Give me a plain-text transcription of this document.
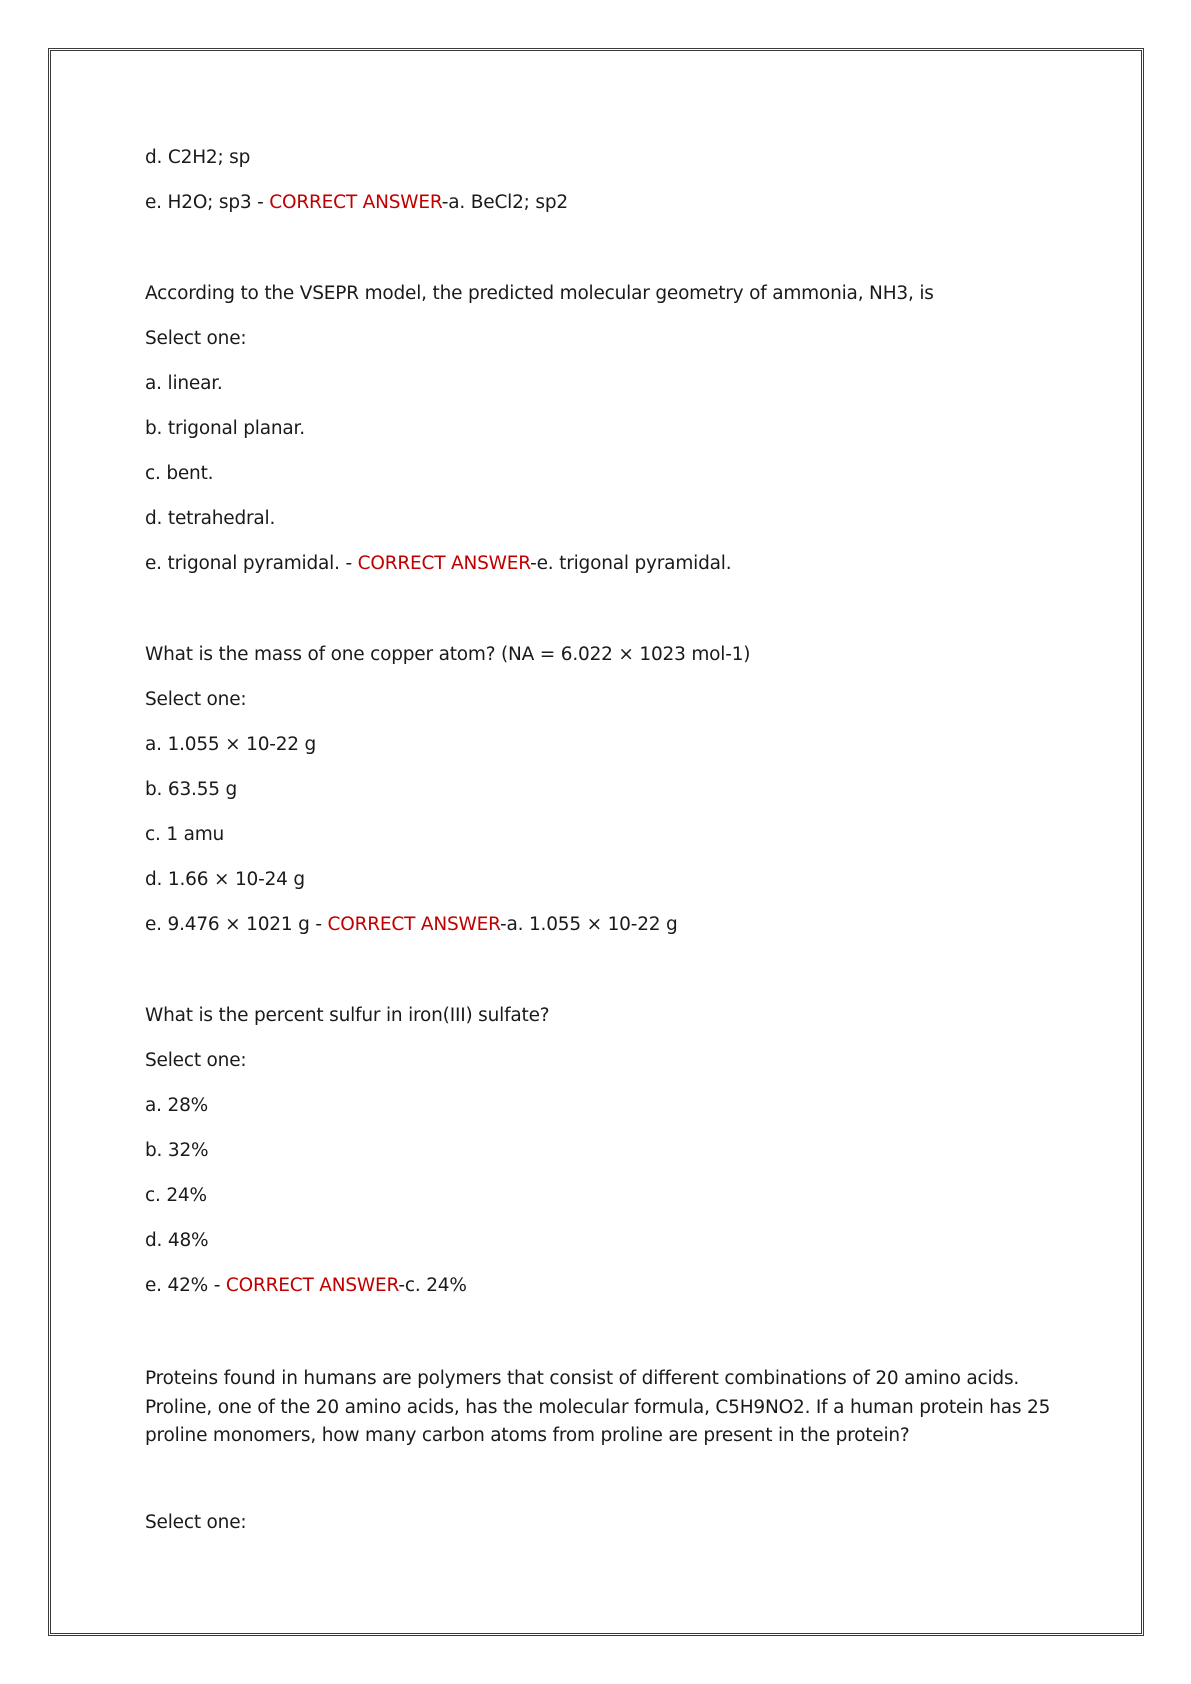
d. C2H2; sp
e. H2O; sp3 - CORRECT ANSWER-a. BeCl2; sp2
According to the VSEPR model, the predicted molecular geometry of ammonia, NH3, is
Select one:
a. linear.
b. trigonal planar.
c. bent.
d. tetrahedral.
e. trigonal pyramidal. - CORRECT ANSWER-e. trigonal pyramidal.
What is the mass of one copper atom? (NA = 6.022 × 1023 mol-1)
Select one:
a. 1.055 × 10-22 g
b. 63.55 g
c. 1 amu
d. 1.66 × 10-24 g
e. 9.476 × 1021 g - CORRECT ANSWER-a. 1.055 × 10-22 g
What is the percent sulfur in iron(III) sulfate?
Select one:
a. 28%
b. 32%
c. 24%
d. 48%
e. 42% - CORRECT ANSWER-c. 24%
Proteins found in humans are polymers that consist of different combinations of 20 amino acids. Proline, one of the 20 amino acids, has the molecular formula, C5H9NO2. If a human protein has 25 proline monomers, how many carbon atoms from proline are present in the protein?
Select one:
